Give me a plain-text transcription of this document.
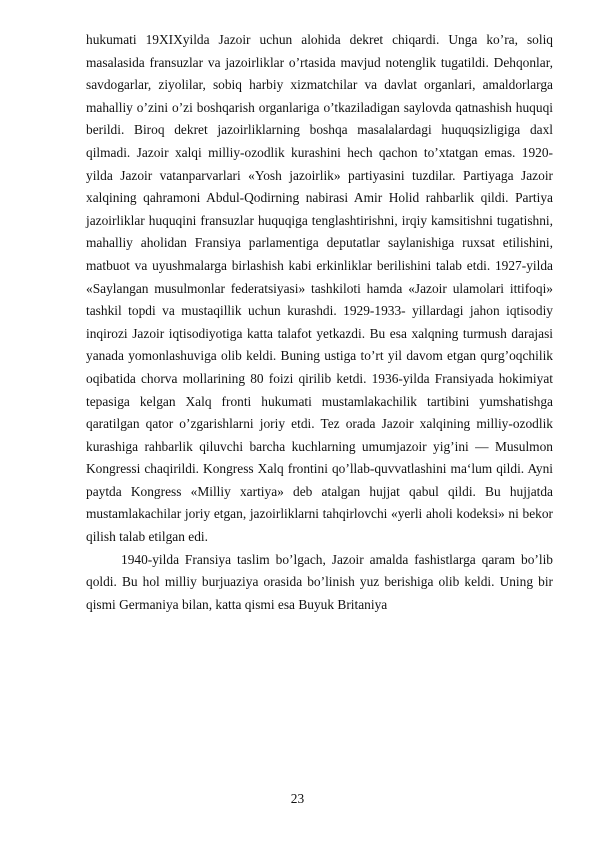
hukumati 19XIXyilda Jazoir uchun alohida dekret chiqardi. Unga ko’ra, soliq masalasida fransuzlar va jazoirliklar o’rtasida mavjud notenglik tugatildi. Dehqonlar, savdogarlar, ziyolilar, sobiq harbiy xizmatchilar va davlat organlari, amaldorlarga mahalliy o’zini o’zi boshqarish organlariga o’tkaziladigan saylovda qatnashish huquqi berildi. Biroq dekret jazoirliklarning boshqa masalalardagi huquqsizligiga daxl qilmadi. Jazoir xalqi milliy-ozodlik kurashini hech qachon to’xtatgan emas. 1920- yilda Jazoir vatanparvarlari «Yosh jazoirlik» partiyasini tuzdilar. Partiyaga Jazoir xalqining qahramoni Abdul-Qodirning nabirasi Amir Holid rahbarlik qildi. Partiya jazoirliklar huquqini fransuzlar huquqiga tenglashtirishni, irqiy kamsitishni tugatishni, mahalliy aholidan Fransiya parlamentiga deputatlar saylanishiga ruxsat etilishini, matbuot va uyushmalarga birlashish kabi erkinliklar berilishini talab etdi. 1927-yilda «Saylangan musulmonlar federatsiyasi» tashkiloti hamda «Jazoir ulamolari ittifoqi» tashkil topdi va mustaqillik uchun kurashdi. 1929-1933- yillardagi jahon iqtisodiy inqirozi Jazoir iqtisodiyotiga katta talafot yetkazdi. Bu esa xalqning turmush darajasi yanada yomonlashuviga olib keldi. Buning ustiga to’rt yil davom etgan qurg’oqchilik oqibatida chorva mollarining 80 foizi qirilib ketdi. 1936-yilda Fransiyada hokimiyat tepasiga kelgan Xalq fronti hukumati mustamlakachilik tartibini yumshatishga qaratilgan qator o’zgarishlarni joriy etdi. Tez orada Jazoir xalqining milliy-ozodlik kurashiga rahbarlik qiluvchi barcha kuchlarning umumjazoir yig’ini — Musulmon Kongressi chaqirildi. Kongress Xalq frontini qo’llab-quvvatlashini ma‘lum qildi. Ayni paytda Kongress «Milliy xartiya» deb atalgan hujjat qabul qildi. Bu hujjatda mustamlakachilar joriy etgan, jazoirliklarni tahqirlovchi «yerli aholi kodeksi» ni bekor qilish talab etilgan edi.

1940-yilda Fransiya taslim bo’lgach, Jazoir amalda fashistlarga qaram bo’lib qoldi. Bu hol milliy burjuaziya orasida bo’linish yuz berishiga olib keldi. Uning bir qismi Germaniya bilan, katta qismi esa Buyuk Britaniya

23
